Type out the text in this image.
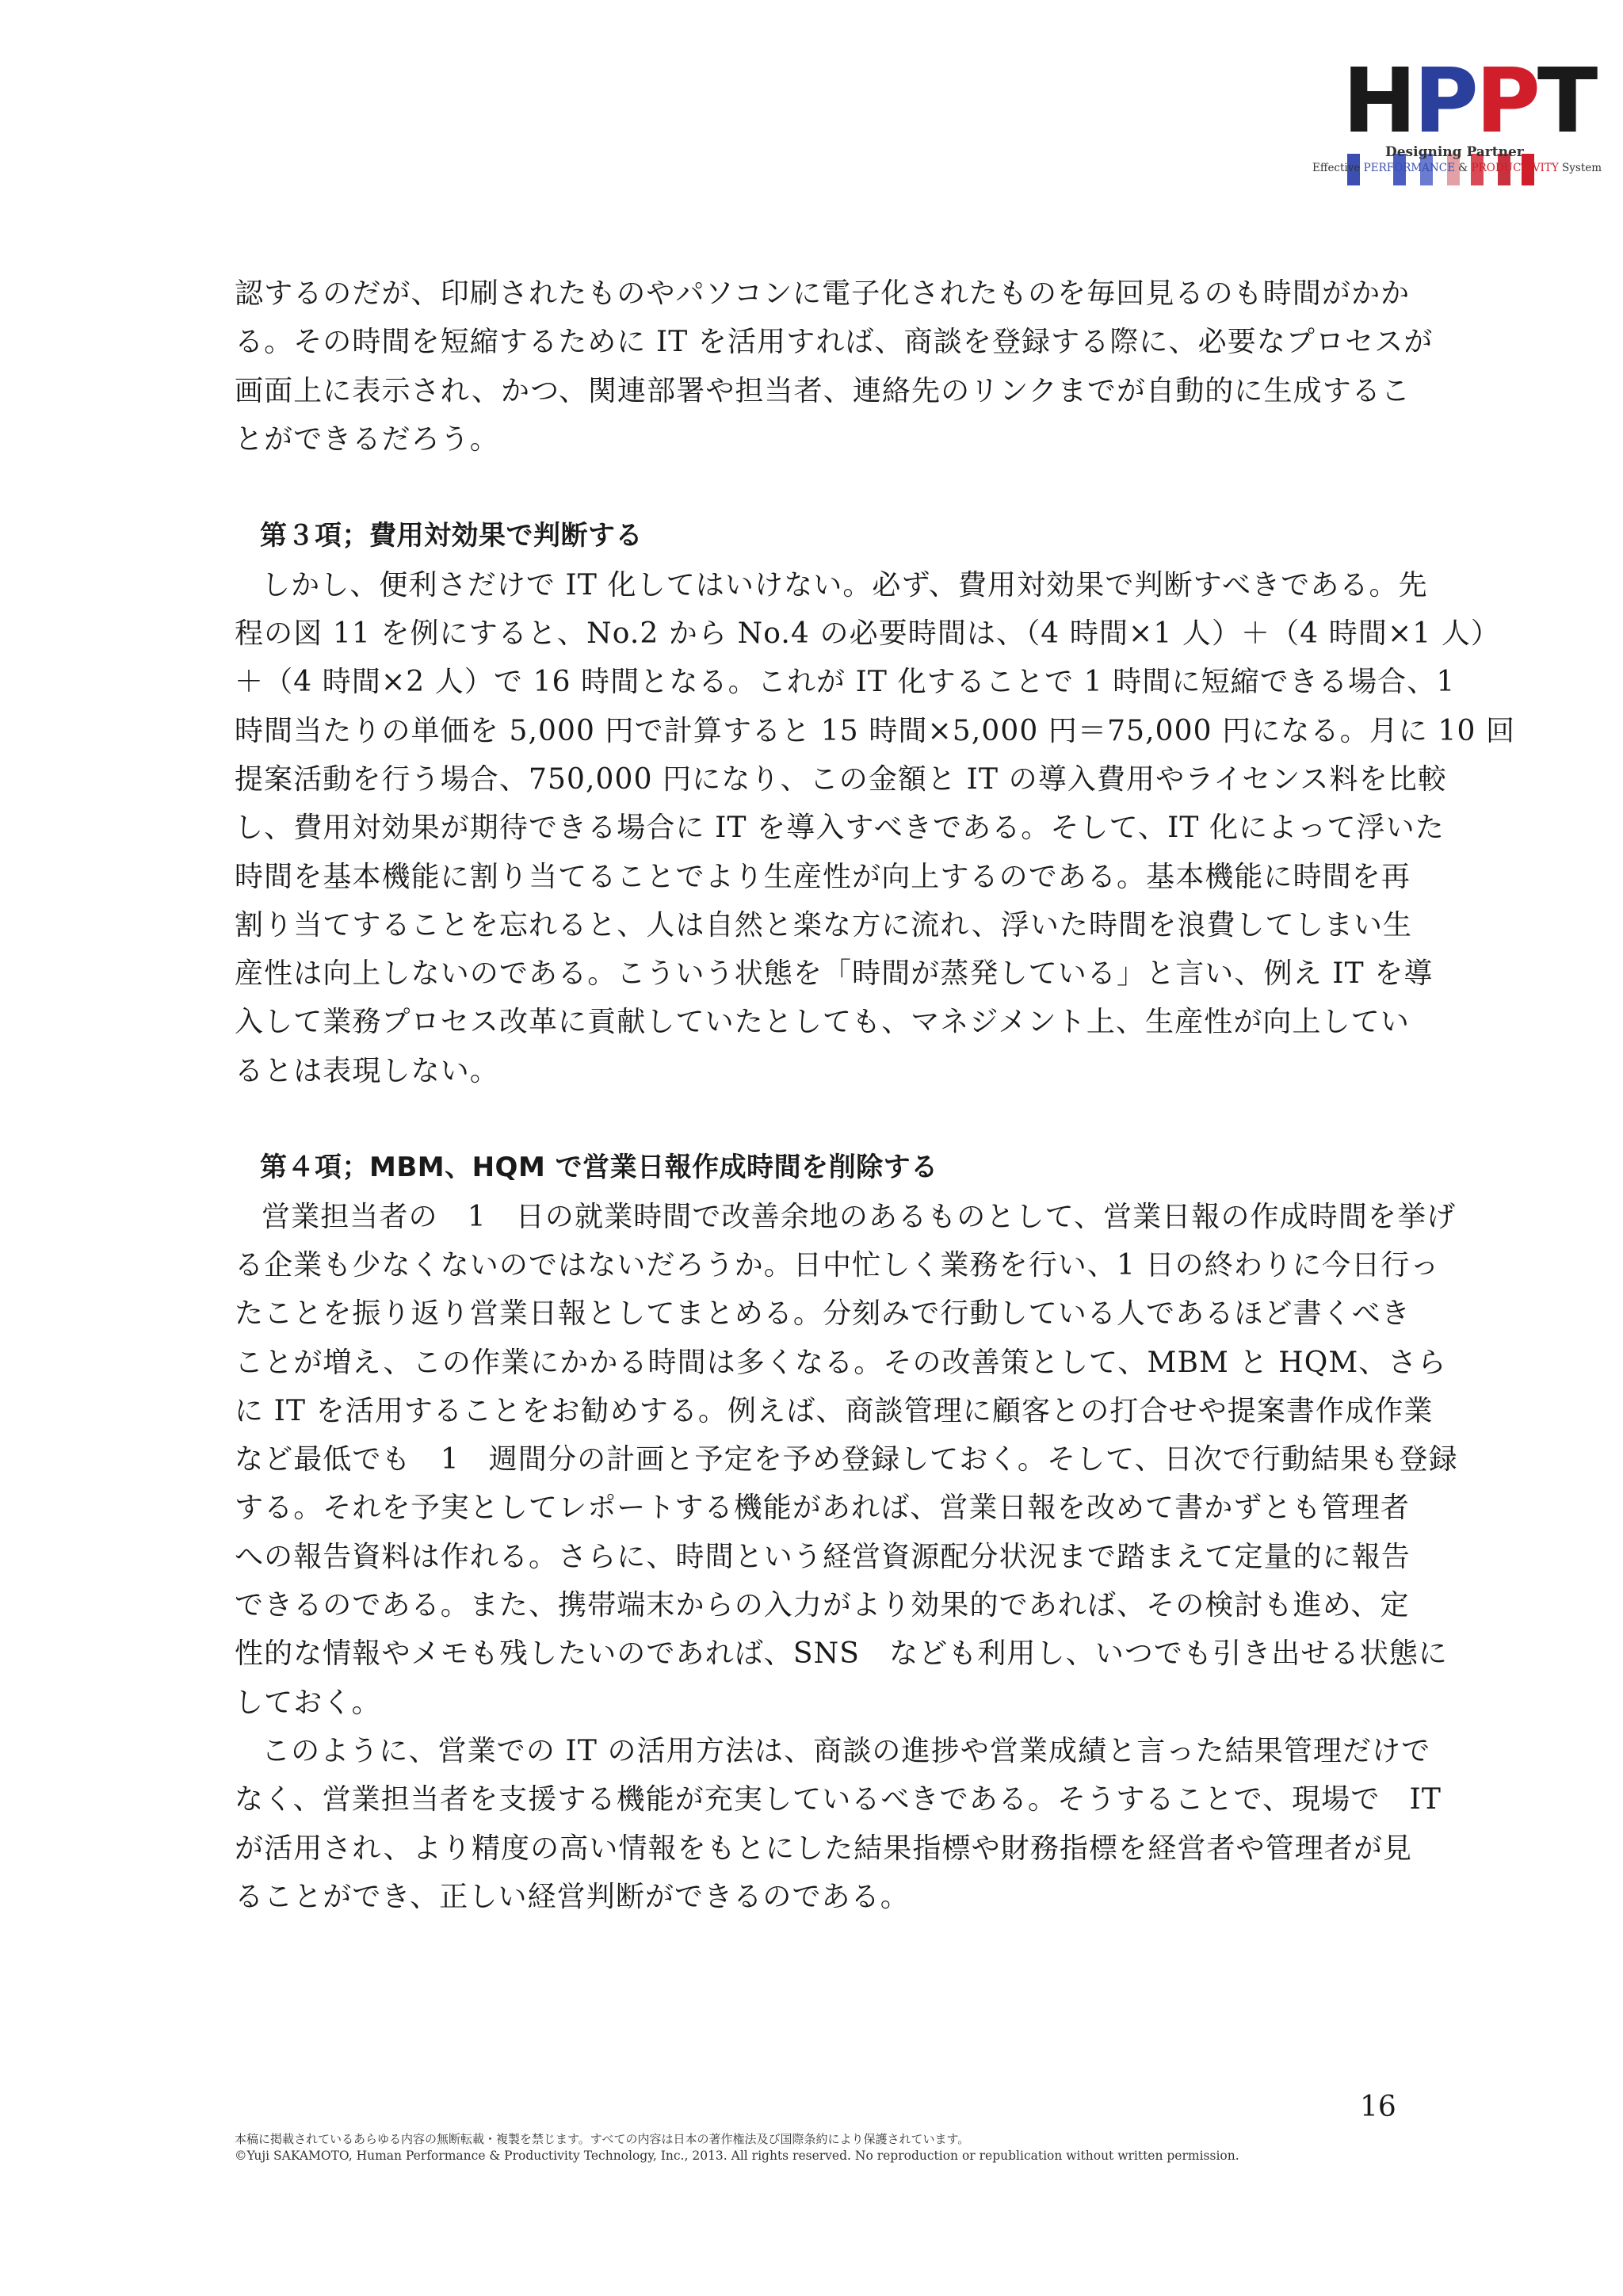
H P P T
Designing Partner
Effective PERFORMANCE & PRODUCTIVITY System
認するのだが、印刷されたものやパソコンに電子化されたものを毎回見るのも時間がかか
る。その時間を短縮するために IT を活用すれば、商談を登録する際に、必要なプロセスが
画面上に表示され、かつ、関連部署や担当者、連絡先のリンクまでが自動的に生成するこ
とができるだろう。
第３項；費用対効果で判断する
しかし、便利さだけで IT 化してはいけない。必ず、費用対効果で判断すべきである。先
程の図 11 を例にすると、No.2 から No.4 の必要時間は、（4 時間×1 人）＋（4 時間×1 人）
＋（4 時間×2 人）で 16 時間となる。これが IT 化することで 1 時間に短縮できる場合、1
時間当たりの単価を 5,000 円で計算すると 15 時間×5,000 円＝75,000 円になる。月に 10 回
提案活動を行う場合、750,000 円になり、この金額と IT の導入費用やライセンス料を比較
し、費用対効果が期待できる場合に IT を導入すべきである。そして、IT 化によって浮いた
時間を基本機能に割り当てることでより生産性が向上するのである。基本機能に時間を再
割り当てすることを忘れると、人は自然と楽な方に流れ、浮いた時間を浪費してしまい生
産性は向上しないのである。こういう状態を「時間が蒸発している」と言い、例え IT を導
入して業務プロセス改革に貢献していたとしても、マネジメント上、生産性が向上してい
るとは表現しない。
第４項；MBM、HQM で営業日報作成時間を削除する
営業担当者の　1　日の就業時間で改善余地のあるものとして、営業日報の作成時間を挙げ
る企業も少なくないのではないだろうか。日中忙しく業務を行い、1 日の終わりに今日行っ
たことを振り返り営業日報としてまとめる。分刻みで行動している人であるほど書くべき
ことが増え、この作業にかかる時間は多くなる。その改善策として、MBM と HQM、さら
に IT を活用することをお勧めする。例えば、商談管理に顧客との打合せや提案書作成作業
など最低でも　1　週間分の計画と予定を予め登録しておく。そして、日次で行動結果も登録
する。それを予実としてレポートする機能があれば、営業日報を改めて書かずとも管理者
への報告資料は作れる。さらに、時間という経営資源配分状況まで踏まえて定量的に報告
できるのである。また、携帯端末からの入力がより効果的であれば、その検討も進め、定
性的な情報やメモも残したいのであれば、SNS　なども利用し、いつでも引き出せる状態に
しておく。
このように、営業での IT の活用方法は、商談の進捗や営業成績と言った結果管理だけで
なく、営業担当者を支援する機能が充実しているべきである。そうすることで、現場で　IT
が活用され、より精度の高い情報をもとにした結果指標や財務指標を経営者や管理者が見
ることができ、正しい経営判断ができるのである。
16
本稿に掲載されているあらゆる内容の無断転載・複製を禁じます。すべての内容は日本の著作権法及び国際条約により保護されています。
©Yuji SAKAMOTO, Human Performance & Productivity Technology, Inc., 2013. All rights reserved. No reproduction or republication without written permission.
